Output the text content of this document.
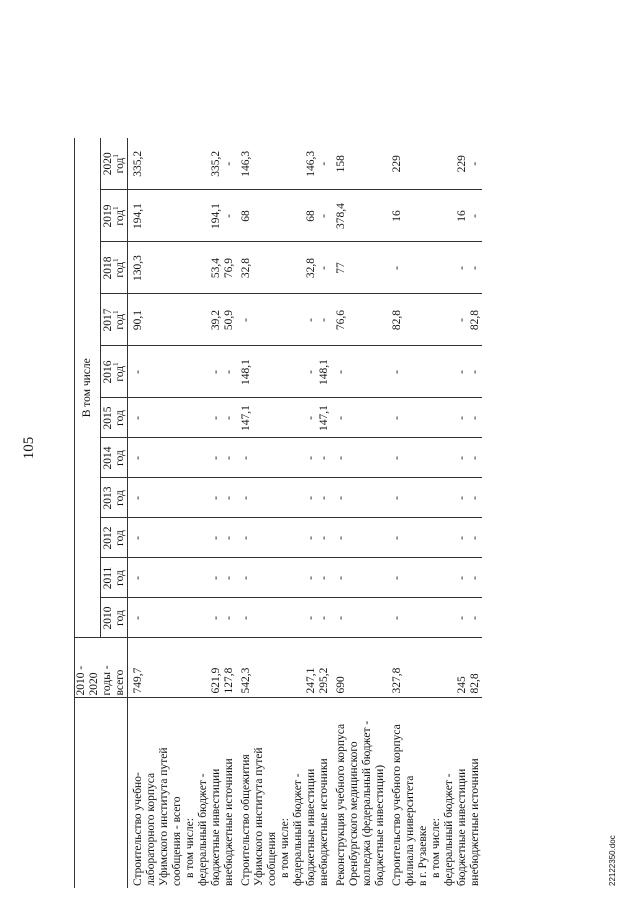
105
	2010 - 2020
годы - всего	В том числе										

		2010 год	2011 год	2012 год	2013 год	2014 год	2015 год	2016 год$^1$	2017 год$^1$	2018 год$^1$	2019 год$^1$	2020 год$^1$

Строительство учебно- лабораторного корпуса Уфимского института путей сообщения - всего	749,7	-	-	-	-	-	-	-	90,1	130,3	194,1	335,2

в том числе: федеральный бюджет - бюджетные инвестиции	621,9	-	-	-	-	-	-	-	39,2	53,4	194,1	335,2

внебюджетные источники	127,8	-	-	-	-	-	-	-	50,9	76,9	-	-

Строительство общежития Уфимского института путей сообщения	542,3	-	-	-	-	-	147,1	148,1	-	32,8	68	146,3

в том числе: федеральный бюджет - бюджетные инвестиции	247,1	-	-	-	-	-	-	-	-	32,8	68	146,3

внебюджетные источники	295,2	-	-	-	-	-	147,1	148,1	-	-	-	-

Реконструкция учебного корпуса Оренбургского медицинского колледжа (федеральный бюджет - бюджетные инвестиции)	690	-	-	-	-	-	-	-	76,6	77	378,4	158

Строительство учебного корпуса филиала университета в г. Рузаевке	327,8	-	-	-	-	-	-	-	82,8	-	16	229

в том числе: федеральный бюджет - бюджетные инвестиции	245	-	-	-	-	-	-	-	-	-	16	229

внебюджетные источники	82,8	-	-	-	-	-	-	-	82,8	-	-	-
22122350.doc
